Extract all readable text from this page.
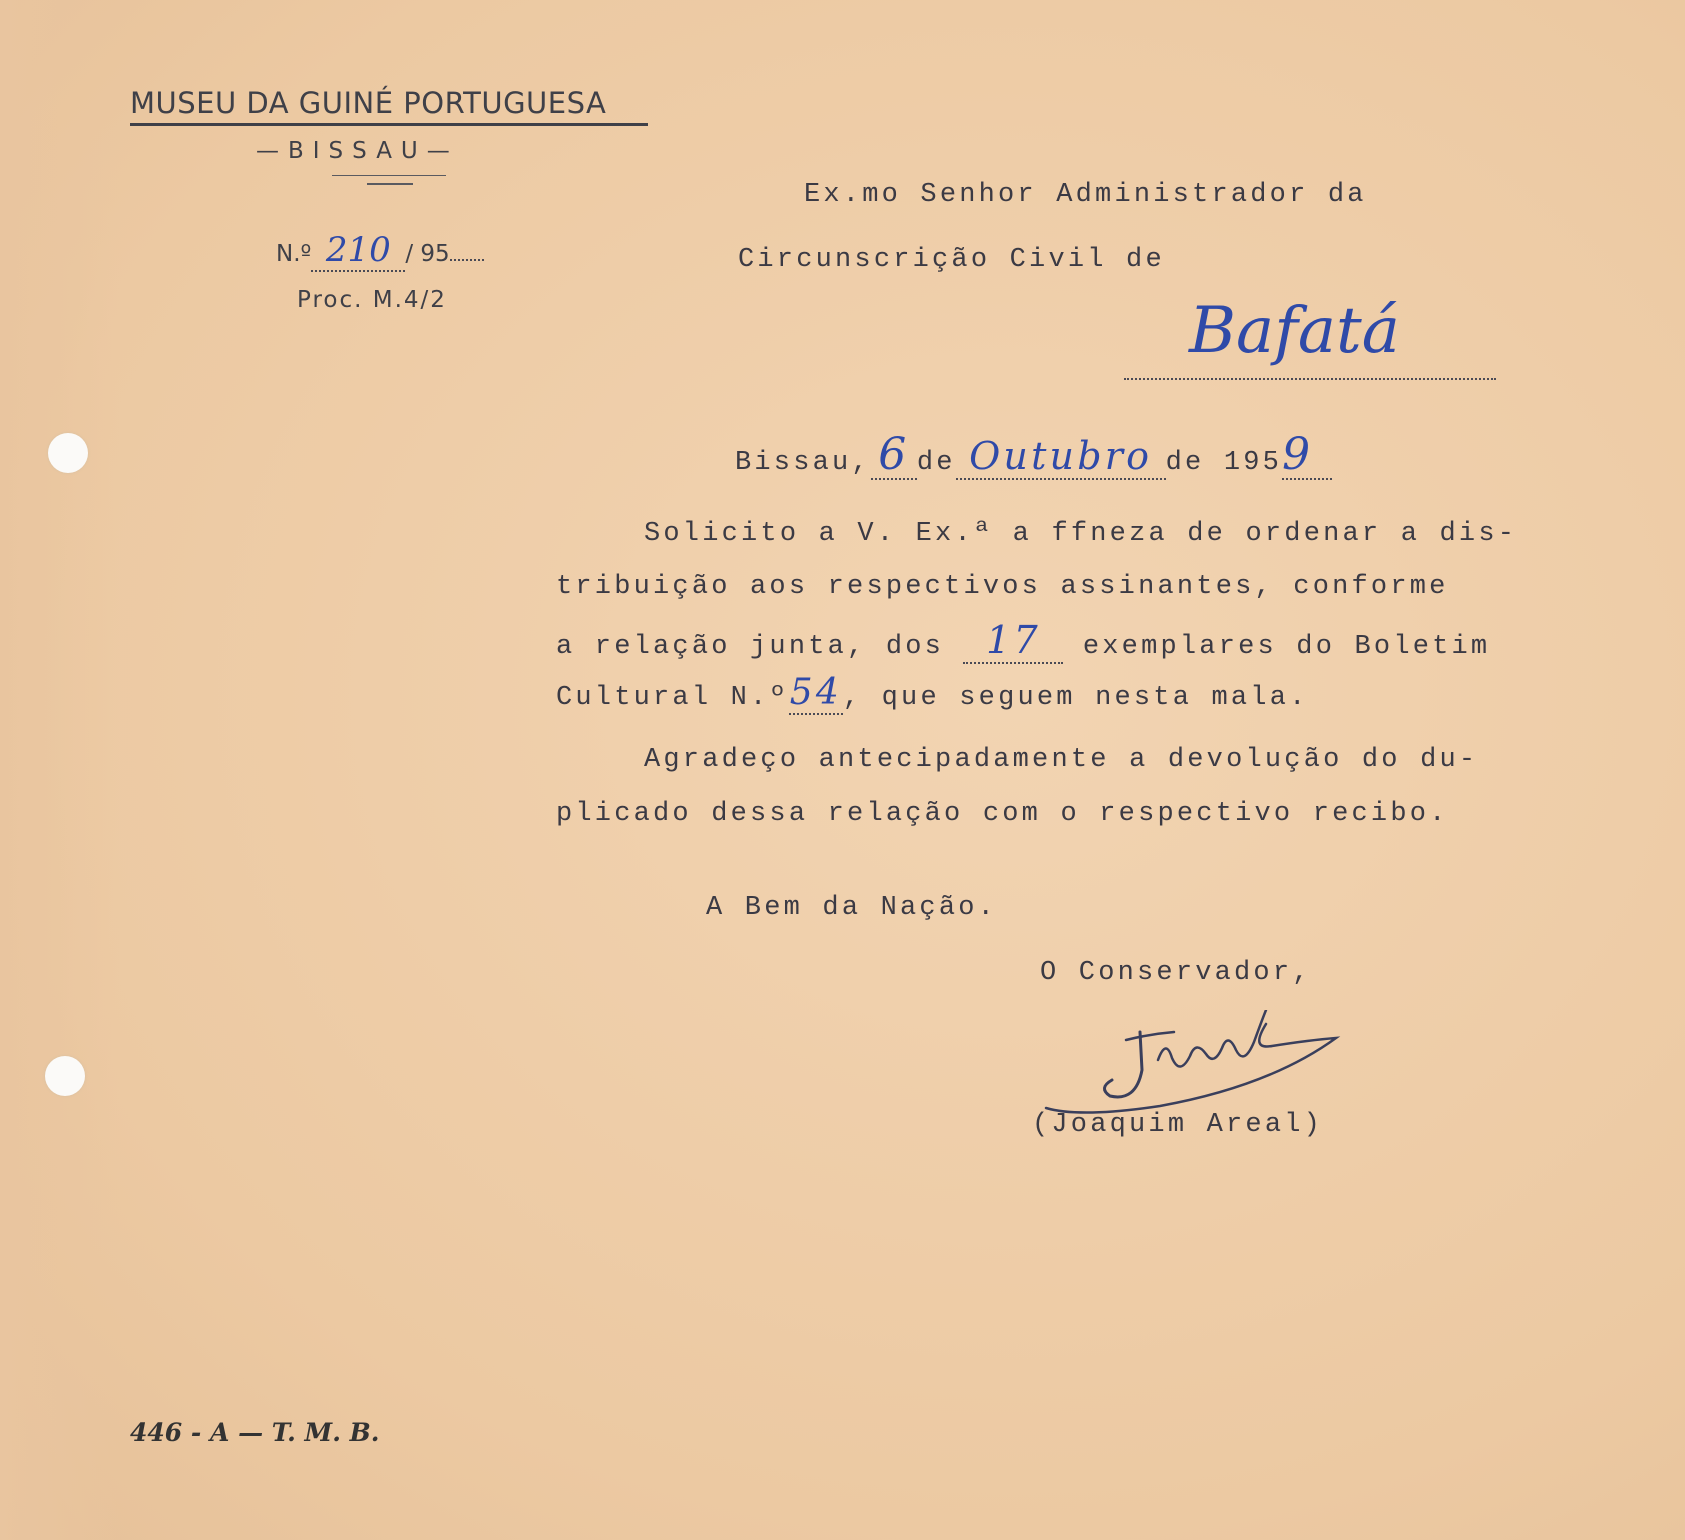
MUSEU DA GUINÉ PORTUGUESA
—BISSAU—
N.º 210 / 95
Proc. M.4/2
Ex.mo Senhor Administrador da
Circunscrição Civil de
Bafatá
Bissau, 6 de Outubro de 1959
Solicito a V. Ex.ª a ffneza de ordenar a dis-
tribuição aos respectivos assinantes, conforme
a relação junta, dos 17 exemplares do Boletim
Cultural N.º54, que seguem nesta mala.
Agradeço antecipadamente a devolução do du-
plicado dessa relação com o respectivo recibo.
A Bem da Nação.
O Conservador,
(Joaquim Areal)
446 - A — T. M. B.
